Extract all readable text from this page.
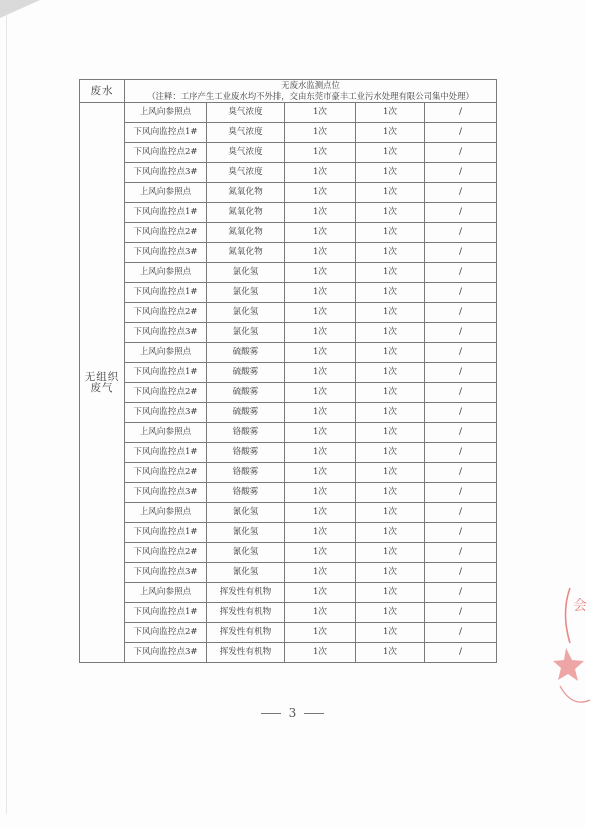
废水	无废水监测点位
（注释：工序产生工业废水均不外排，交由东莞市豪丰工业污水处理有限公司集中处理）				

无组织
废气	上风向参照点	臭气浓度	1次	1次	/
	下风向监控点1#	臭气浓度	1次	1次	/
	下风向监控点2#	臭气浓度	1次	1次	/
	下风向监控点3#	臭气浓度	1次	1次	/
	上风向参照点	氮氧化物	1次	1次	/
	下风向监控点1#	氮氧化物	1次	1次	/
	下风向监控点2#	氮氧化物	1次	1次	/
	下风向监控点3#	氮氧化物	1次	1次	/
	上风向参照点	氯化氢	1次	1次	/
	下风向监控点1#	氯化氢	1次	1次	/
	下风向监控点2#	氯化氢	1次	1次	/
	下风向监控点3#	氯化氢	1次	1次	/
	上风向参照点	硫酸雾	1次	1次	/
	下风向监控点1#	硫酸雾	1次	1次	/
	下风向监控点2#	硫酸雾	1次	1次	/
	下风向监控点3#	硫酸雾	1次	1次	/
	上风向参照点	铬酸雾	1次	1次	/
	下风向监控点1#	铬酸雾	1次	1次	/
	下风向监控点2#	铬酸雾	1次	1次	/
	下风向监控点3#	铬酸雾	1次	1次	/
	上风向参照点	氰化氢	1次	1次	/
	下风向监控点1#	氰化氢	1次	1次	/
	下风向监控点2#	氰化氢	1次	1次	/
	下风向监控点3#	氰化氢	1次	1次	/
	上风向参照点	挥发性有机物	1次	1次	/
	下风向监控点1#	挥发性有机物	1次	1次	/
	下风向监控点2#	挥发性有机物	1次	1次	/
	下风向监控点3#	挥发性有机物	1次	1次	/
会
3
